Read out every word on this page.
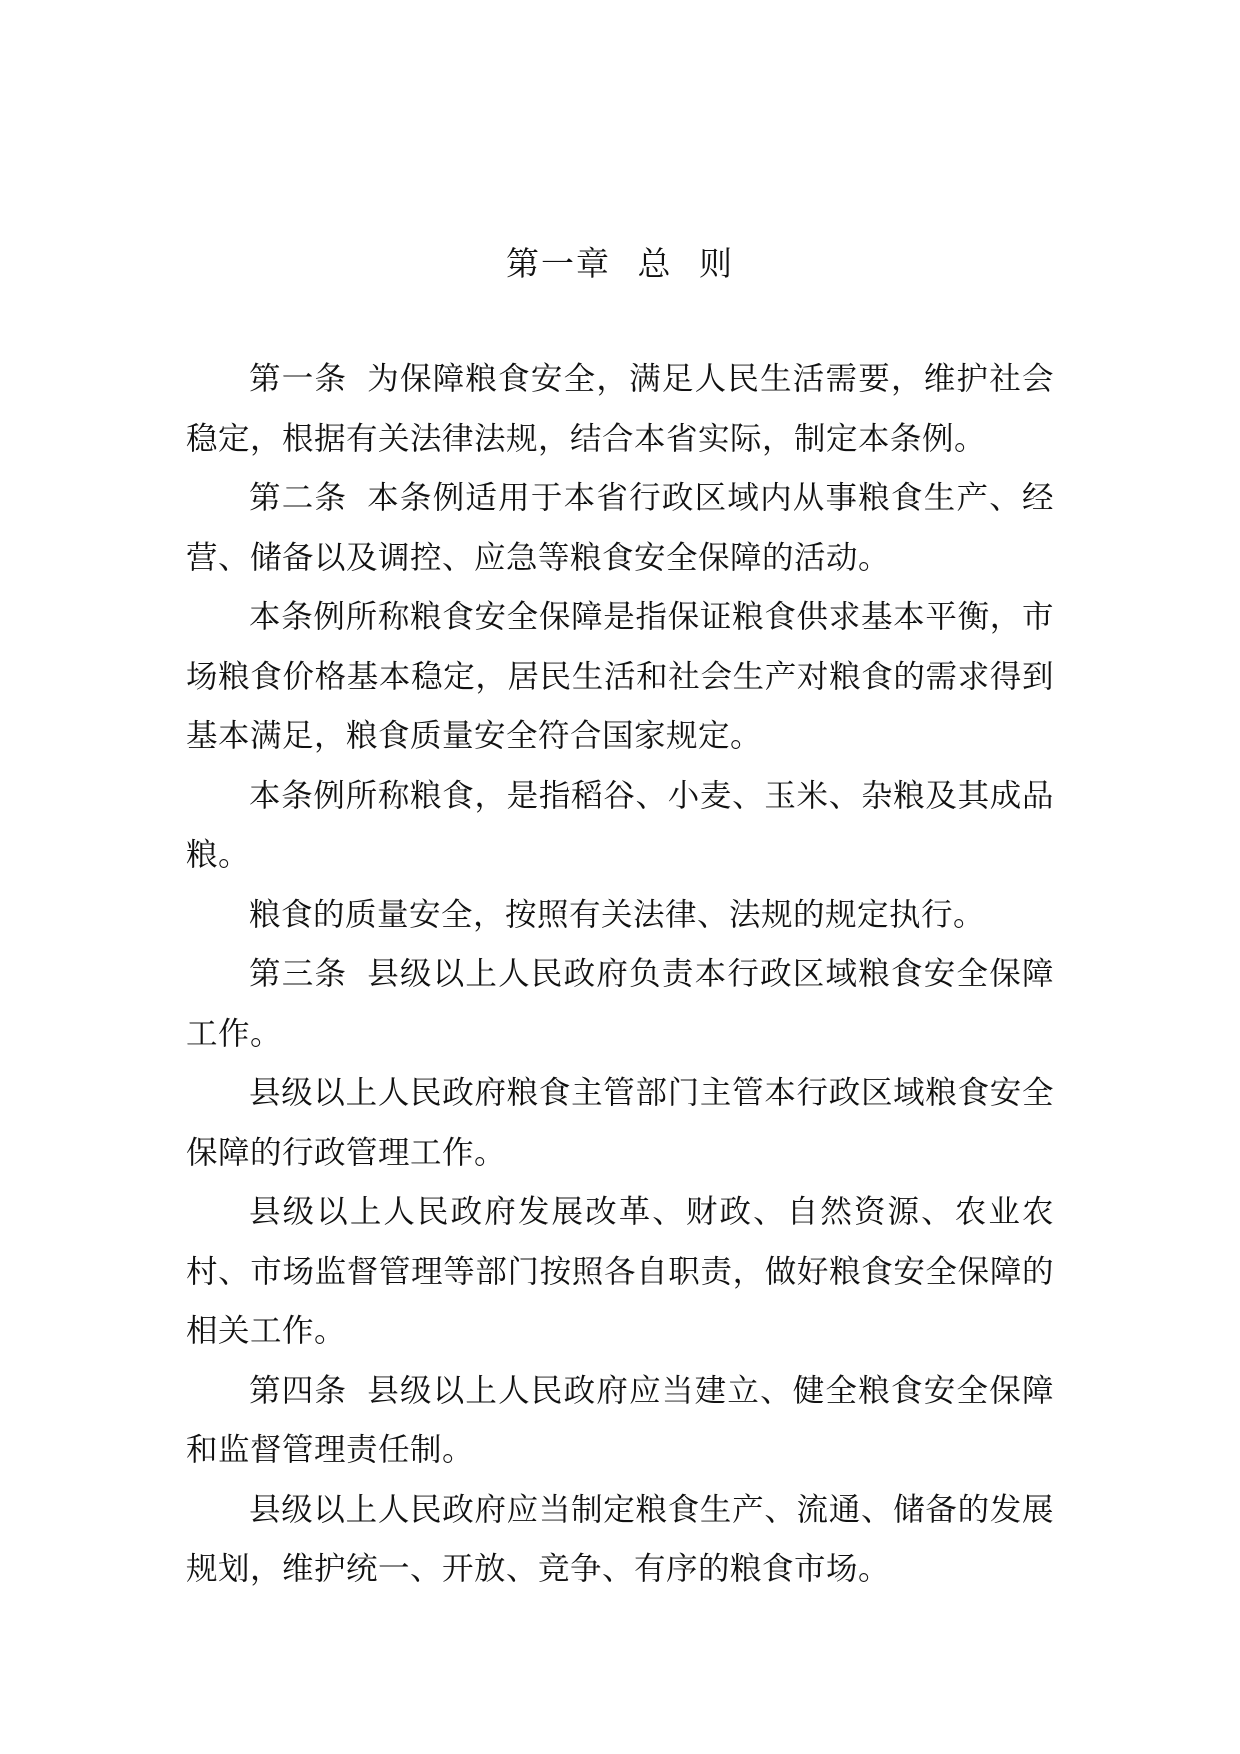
第一章 总 则

第一条 为保障粮食安全，满足人民生活需要，维护社会稳定，根据有关法律法规，结合本省实际，制定本条例。

第二条 本条例适用于本省行政区域内从事粮食生产、经营、储备以及调控、应急等粮食安全保障的活动。

本条例所称粮食安全保障是指保证粮食供求基本平衡，市场粮食价格基本稳定，居民生活和社会生产对粮食的需求得到基本满足，粮食质量安全符合国家规定。

本条例所称粮食，是指稻谷、小麦、玉米、杂粮及其成品粮。

粮食的质量安全，按照有关法律、法规的规定执行。

第三条 县级以上人民政府负责本行政区域粮食安全保障工作。

县级以上人民政府粮食主管部门主管本行政区域粮食安全保障的行政管理工作。

县级以上人民政府发展改革、财政、自然资源、农业农村、市场监督管理等部门按照各自职责，做好粮食安全保障的相关工作。

第四条 县级以上人民政府应当建立、健全粮食安全保障和监督管理责任制。

县级以上人民政府应当制定粮食生产、流通、储备的发展规划，维护统一、开放、竞争、有序的粮食市场。
